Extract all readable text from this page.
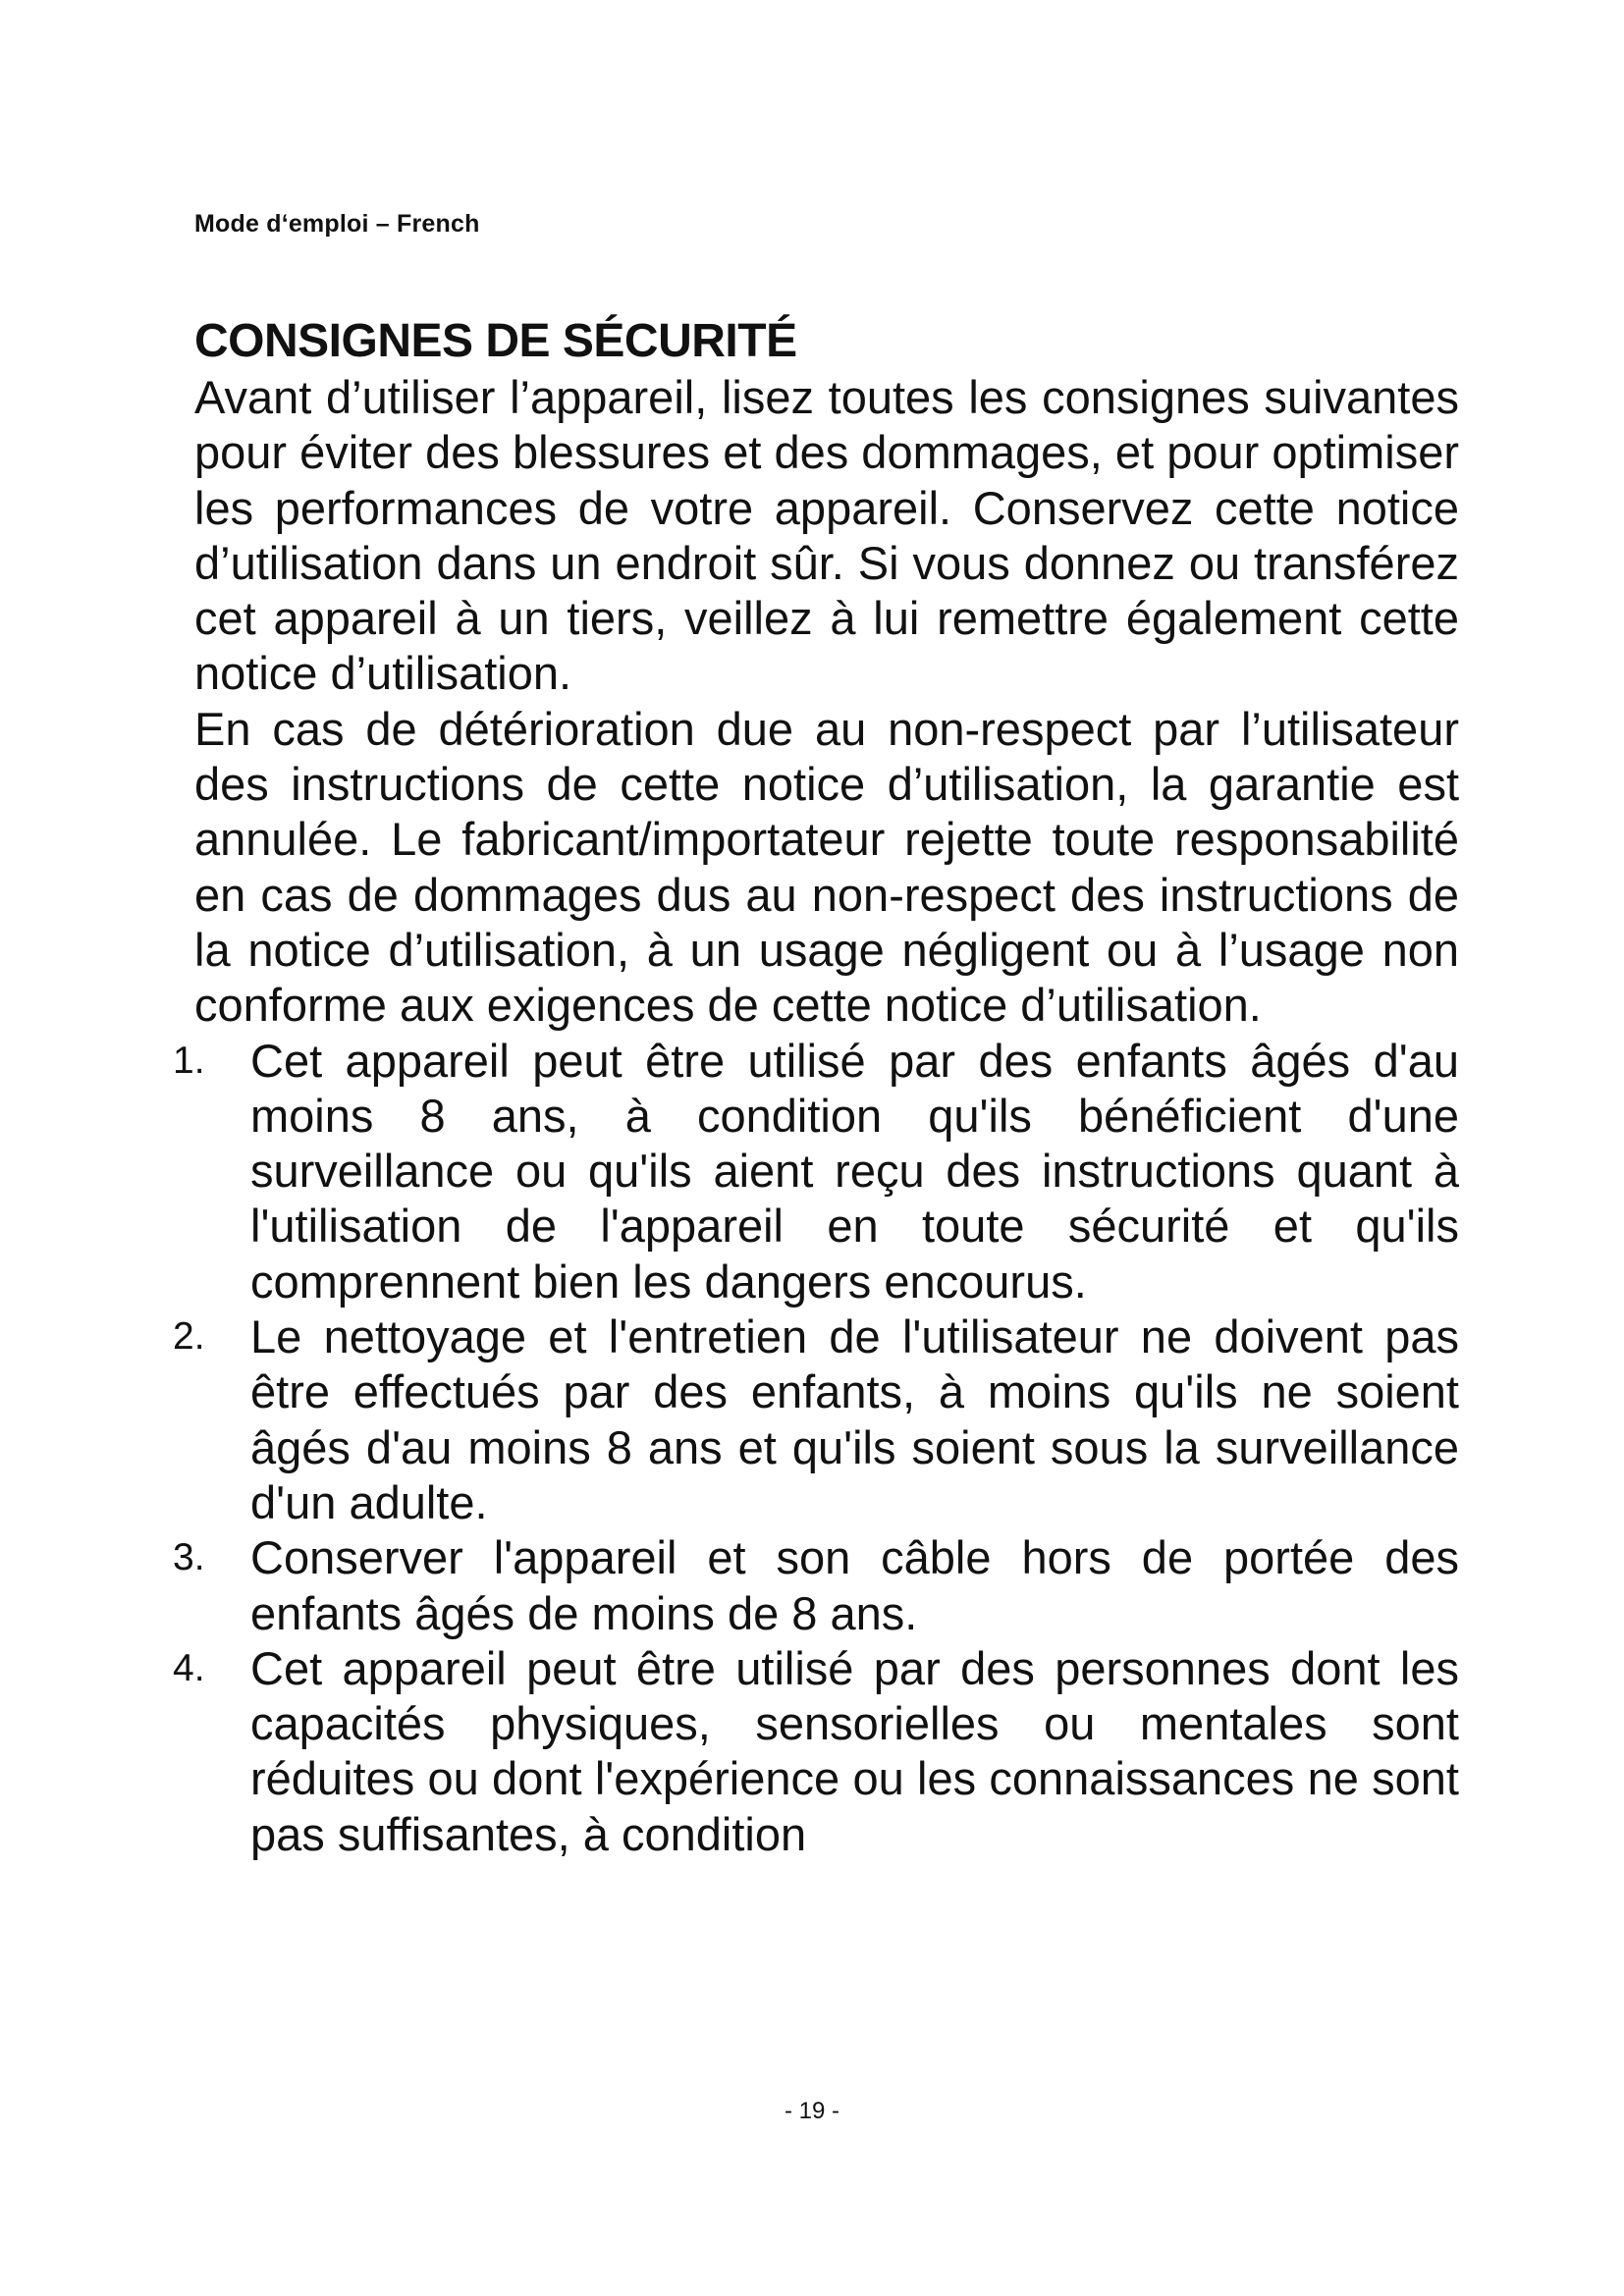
Mode d‘emploi – French
CONSIGNES DE SÉCURITÉ

Avant d’utiliser l’appareil, lisez toutes les consignes suivantes pour éviter des blessures et des dommages, et pour optimiser les performances de votre appareil. Conservez cette notice d’utilisation dans un endroit sûr. Si vous donnez ou transférez cet appareil à un tiers, veillez à lui remettre également cette notice d’utilisation.

En cas de détérioration due au non-respect par l’utilisateur des instructions de cette notice d’utilisation, la garantie est annulée. Le fabricant/importateur rejette toute responsabilité en cas de dommages dus au non-respect des instructions de la notice d’utilisation, à un usage négligent ou à l’usage non conforme aux exigences de cette notice d’utilisation.

1. Cet appareil peut être utilisé par des enfants âgés d'au moins 8 ans, à condition qu'ils bénéficient d'une surveillance ou qu'ils aient reçu des instructions quant à l'utilisation de l'appareil en toute sécurité et qu'ils comprennent bien les dangers encourus.
2. Le nettoyage et l'entretien de l'utilisateur ne doivent pas être effectués par des enfants, à moins qu'ils ne soient âgés d'au moins 8 ans et qu'ils soient sous la surveillance d'un adulte.
3. Conserver l'appareil et son câble hors de portée des enfants âgés de moins de 8 ans.
4. Cet appareil peut être utilisé par des personnes dont les capacités physiques, sensorielles ou mentales sont réduites ou dont l'expérience ou les connaissances ne sont pas suffisantes, à condition
- 19 -
